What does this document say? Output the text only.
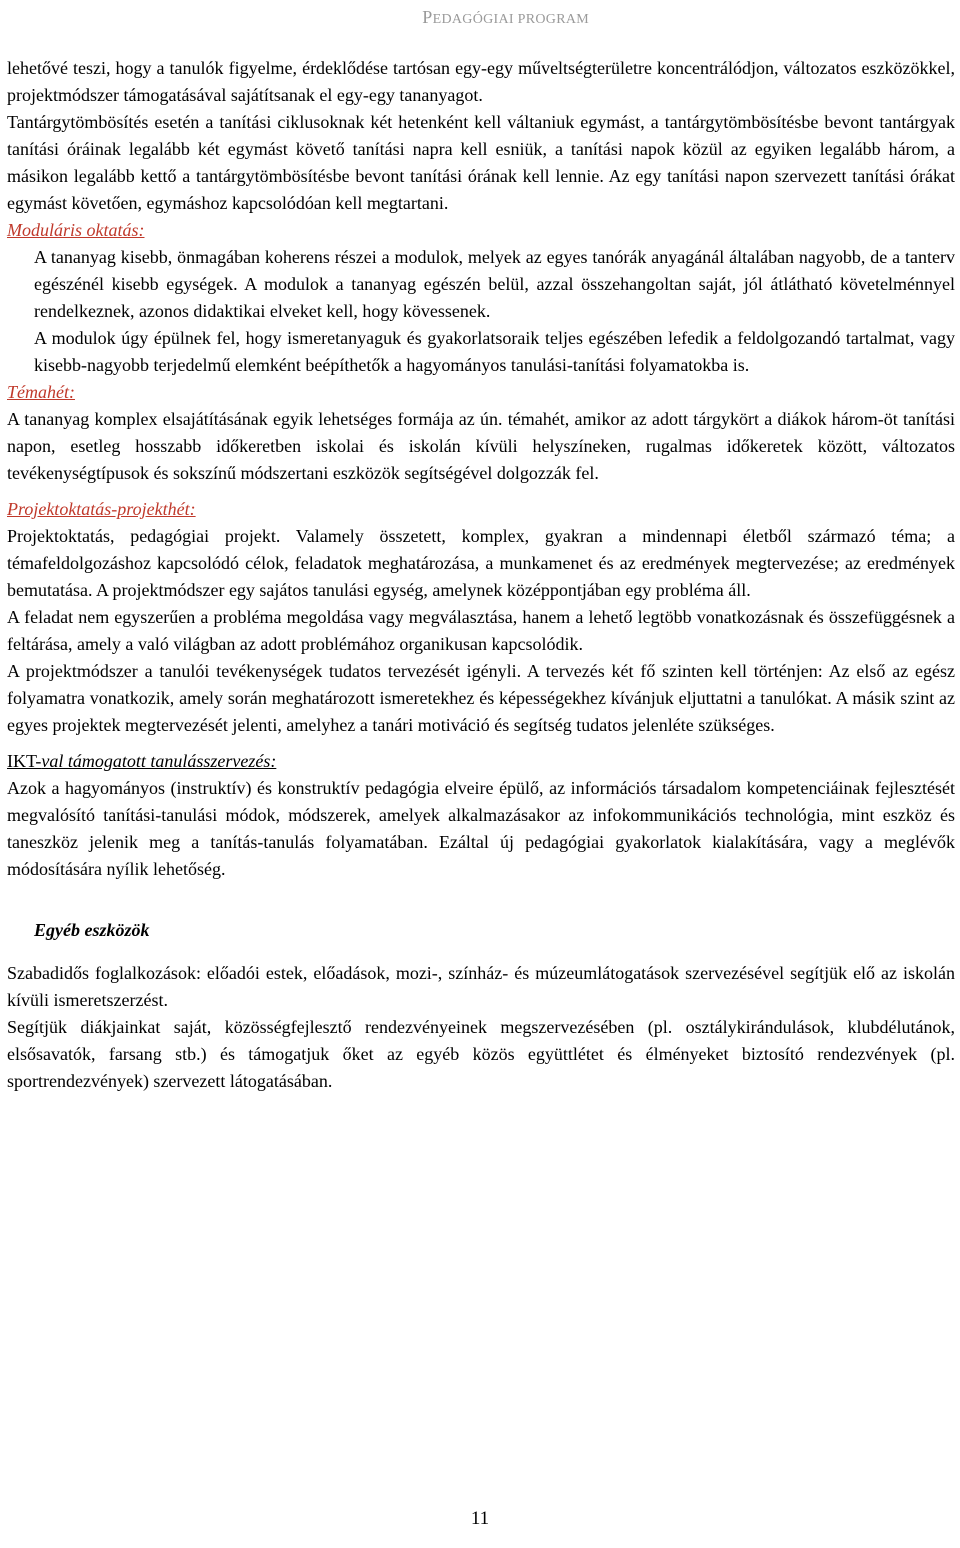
PEDAGÓGIAI PROGRAM

lehetővé teszi, hogy a tanulók figyelme, érdeklődése tartósan egy-egy műveltségterületre koncentrálódjon, változatos eszközökkel, projektmódszer támogatásával sajátítsanak el egy-egy tananyagot.

Tantárgytömbösítés esetén a tanítási ciklusoknak két hetenként kell váltaniuk egymást, a tantárgytömbösítésbe bevont tantárgyak tanítási óráinak legalább két egymást követő tanítási napra kell esniük, a tanítási napok közül az egyiken legalább három, a másikon legalább kettő a tantárgytömbösítésbe bevont tanítási órának kell lennie. Az egy tanítási napon szervezett tanítási órákat egymást követően, egymáshoz kapcsolódóan kell megtartani.

Moduláris oktatás:

A tananyag kisebb, önmagában koherens részei a modulok, melyek az egyes tanórák anyagánál általában nagyobb, de a tanterv egészénél kisebb egységek. A modulok a tananyag egészén belül, azzal összehangoltan saját, jól átlátható követelménnyel rendelkeznek, azonos didaktikai elveket kell, hogy kövessenek.

A modulok úgy épülnek fel, hogy ismeretanyaguk és gyakorlatsoraik teljes egészében lefedik a feldolgozandó tartalmat, vagy kisebb-nagyobb terjedelmű elemként beépíthetők a hagyományos tanulási-tanítási folyamatokba is.

Témahét:

A tananyag komplex elsajátításának egyik lehetséges formája az ún. témahét, amikor az adott tárgykört a diákok három-öt tanítási napon, esetleg hosszabb időkeretben iskolai és iskolán kívüli helyszíneken, rugalmas időkeretek között, változatos tevékenységtípusok és sokszínű módszertani eszközök segítségével dolgozzák fel.

Projektoktatás-projekthét:

Projektoktatás, pedagógiai projekt. Valamely összetett, komplex, gyakran a mindennapi életből származó téma; a témafeldolgozáshoz kapcsolódó célok, feladatok meghatározása, a munkamenet és az eredmények megtervezése; az eredmények bemutatása. A projektmódszer egy sajátos tanulási egység, amelynek középpontjában egy probléma áll.

A feladat nem egyszerűen a probléma megoldása vagy megválasztása, hanem a lehető legtöbb vonatkozásnak és összefüggésnek a feltárása, amely a való világban az adott problémához organikusan kapcsolódik.

A projektmódszer a tanulói tevékenységek tudatos tervezését igényli. A tervezés két fő szinten kell történjen: Az első az egész folyamatra vonatkozik, amely során meghatározott ismeretekhez és képességekhez kívánjuk eljuttatni a tanulókat. A másik szint az egyes projektek megtervezését jelenti, amelyhez a tanári motiváció és segítség tudatos jelenléte szükséges.

IKT-val támogatott tanulásszervezés:

Azok a hagyományos (instruktív) és konstruktív pedagógia elveire épülő, az információs társadalom kompetenciáinak fejlesztését megvalósító tanítási-tanulási módok, módszerek, amelyek alkalmazásakor az infokommunikációs technológia, mint eszköz és taneszköz jelenik meg a tanítás-tanulás folyamatában. Ezáltal új pedagógiai gyakorlatok kialakítására, vagy a meglévők módosítására nyílik lehetőség.

Egyéb eszközök

Szabadidős foglalkozások: előadói estek, előadások, mozi-, színház- és múzeumlátogatások szervezésével segítjük elő az iskolán kívüli ismeretszerzést.

Segítjük diákjainkat saját, közösségfejlesztő rendezvényeinek megszervezésében (pl. osztálykirándulások, klubdélutánok, elsősavatók, farsang stb.) és támogatjuk őket az egyéb közös együttlétet és élményeket biztosító rendezvények (pl. sportrendezvények) szervezett látogatásában.

11
